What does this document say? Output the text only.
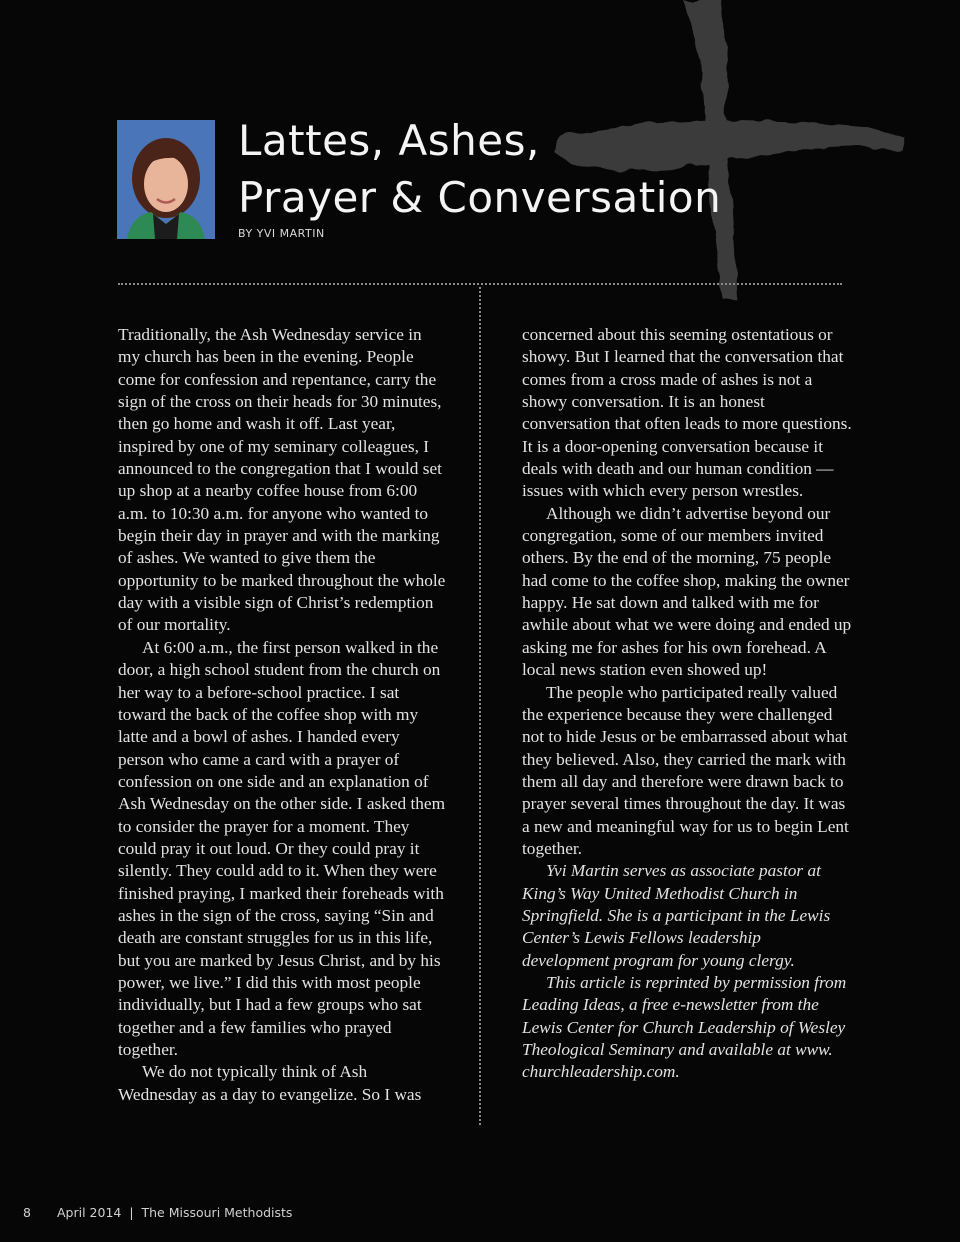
Lattes, Ashes,
Prayer & Conversation
BY YVI MARTIN

Traditionally, the Ash Wednesday service in my church has been in the evening. People come for confession and repentance, carry the sign of the cross on their heads for 30 minutes, then go home and wash it off. Last year, inspired by one of my seminary colleagues, I announced to the congregation that I would set up shop at a nearby coffee house from 6:00 a.m. to 10:30 a.m. for anyone who wanted to begin their day in prayer and with the marking of ashes. We wanted to give them the opportunity to be marked throughout the whole day with a visible sign of Christ’s redemption of our mortality.

At 6:00 a.m., the first person walked in the door, a high school student from the church on her way to a before-school practice. I sat toward the back of the coffee shop with my latte and a bowl of ashes. I handed every person who came a card with a prayer of confession on one side and an explanation of Ash Wednesday on the other side. I asked them to consider the prayer for a moment. They could pray it out loud. Or they could pray it silently. They could add to it. When they were finished praying, I marked their foreheads with ashes in the sign of the cross, saying “Sin and death are constant struggles for us in this life, but you are marked by Jesus Christ, and by his power, we live.” I did this with most people individually, but I had a few groups who sat together and a few families who prayed together.

We do not typically think of Ash Wednesday as a day to evangelize. So I was

concerned about this seeming ostentatious or showy. But I learned that the conversation that comes from a cross made of ashes is not a showy conversation. It is an honest conversation that often leads to more questions. It is a door-opening conversation because it deals with death and our human condition — issues with which every person wrestles.

Although we didn’t advertise beyond our congregation, some of our members invited others. By the end of the morning, 75 people had come to the coffee shop, making the owner happy. He sat down and talked with me for awhile about what we were doing and ended up asking me for ashes for his own forehead. A local news station even showed up!

The people who participated really valued the experience because they were challenged not to hide Jesus or be embarrassed about what they believed. Also, they carried the mark with them all day and therefore were drawn back to prayer several times throughout the day. It was a new and meaningful way for us to begin Lent together.

Yvi Martin serves as associate pastor at King’s Way United Methodist Church in Springfield. She is a participant in the Lewis Center’s Lewis Fellows leadership development program for young clergy.

This article is reprinted by permission from Leading Ideas, a free e-newsletter from the Lewis Center for Church Leadership of Wesley Theological Seminary and available at www. churchleadership.com.

8 April 2014 | The Missouri Methodists
